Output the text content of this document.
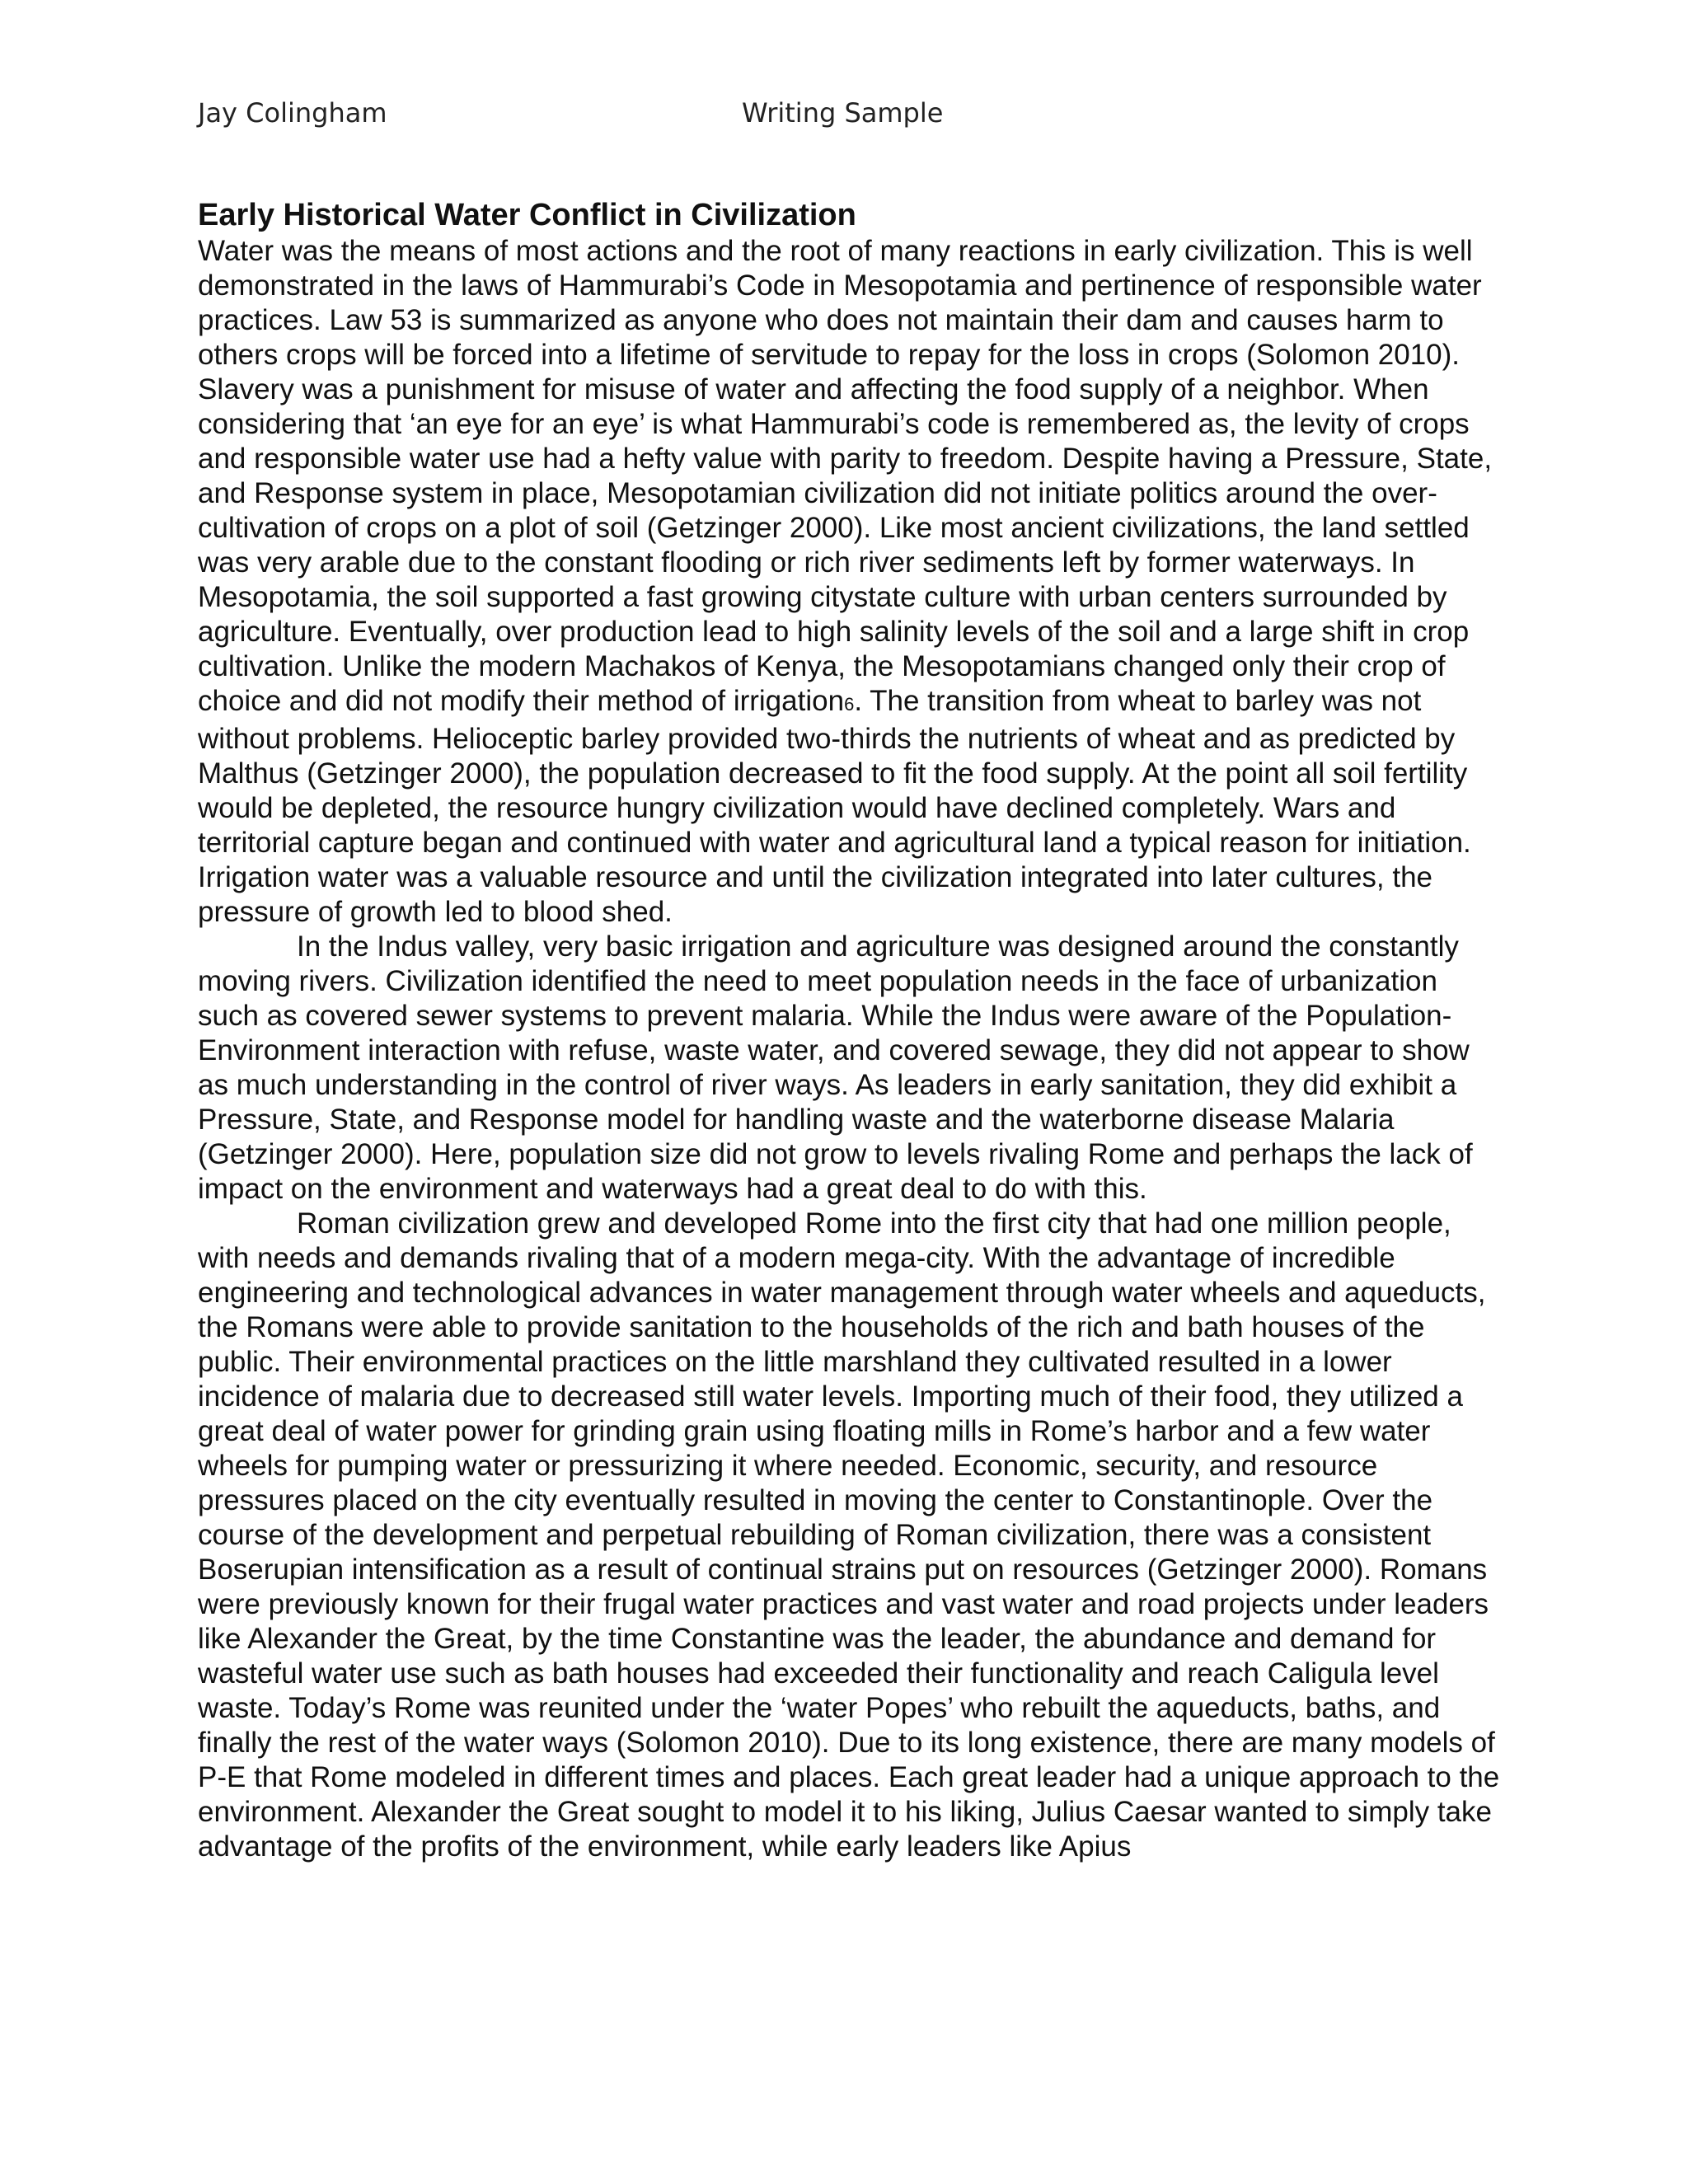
Jay Colingham	Writing Sample
Early Historical Water Conflict in Civilization

Water was the means of most actions and the root of many reactions in early civilization. This is well demonstrated in the laws of Hammurabi’s Code in Mesopotamia and pertinence of responsible water practices. Law 53 is summarized as anyone who does not maintain their dam and causes harm to others crops will be forced into a lifetime of servitude to repay for the loss in crops (Solomon 2010). Slavery was a punishment for misuse of water and affecting the food supply of a neighbor. When considering that ‘an eye for an eye’ is what Hammurabi’s code is remembered as, the levity of crops and responsible water use had a hefty value with parity to freedom. Despite having a Pressure, State, and Response system in place, Mesopotamian civilization did not initiate politics around the over-cultivation of crops on a plot of soil (Getzinger 2000). Like most ancient civilizations, the land settled was very arable due to the constant flooding or rich river sediments left by former waterways. In Mesopotamia, the soil supported a fast growing citystate culture with urban centers surrounded by agriculture. Eventually, over production lead to high salinity levels of the soil and a large shift in crop cultivation. Unlike the modern Machakos of Kenya, the Mesopotamians changed only their crop of choice and did not modify their method of irrigation6. The transition from wheat to barley was not without problems. Helioceptic barley provided two-thirds the nutrients of wheat and as predicted by Malthus (Getzinger 2000), the population decreased to fit the food supply. At the point all soil fertility would be depleted, the resource hungry civilization would have declined completely. Wars and territorial capture began and continued with water and agricultural land a typical reason for initiation. Irrigation water was a valuable resource and until the civilization integrated into later cultures, the pressure of growth led to blood shed.

In the Indus valley, very basic irrigation and agriculture was designed around the constantly moving rivers. Civilization identified the need to meet population needs in the face of urbanization such as covered sewer systems to prevent malaria. While the Indus were aware of the Population-Environment interaction with refuse, waste water, and covered sewage, they did not appear to show as much understanding in the control of river ways. As leaders in early sanitation, they did exhibit a Pressure, State, and Response model for handling waste and the waterborne disease Malaria (Getzinger 2000). Here, population size did not grow to levels rivaling Rome and perhaps the lack of impact on the environment and waterways had a great deal to do with this.

Roman civilization grew and developed Rome into the first city that had one million people, with needs and demands rivaling that of a modern mega-city. With the advantage of incredible engineering and technological advances in water management through water wheels and aqueducts, the Romans were able to provide sanitation to the households of the rich and bath houses of the public. Their environmental practices on the little marshland they cultivated resulted in a lower incidence of malaria due to decreased still water levels. Importing much of their food, they utilized a great deal of water power for grinding grain using floating mills in Rome’s harbor and a few water wheels for pumping water or pressurizing it where needed. Economic, security, and resource pressures placed on the city eventually resulted in moving the center to Constantinople. Over the course of the development and perpetual rebuilding of Roman civilization, there was a consistent Boserupian intensification as a result of continual strains put on resources (Getzinger 2000). Romans were previously known for their frugal water practices and vast water and road projects under leaders like Alexander the Great, by the time Constantine was the leader, the abundance and demand for wasteful water use such as bath houses had exceeded their functionality and reach Caligula level waste. Today’s Rome was reunited under the ‘water Popes’ who rebuilt the aqueducts, baths, and finally the rest of the water ways (Solomon 2010). Due to its long existence, there are many models of P-E that Rome modeled in different times and places. Each great leader had a unique approach to the environment. Alexander the Great sought to model it to his liking, Julius Caesar wanted to simply take advantage of the profits of the environment, while early leaders like Apius
